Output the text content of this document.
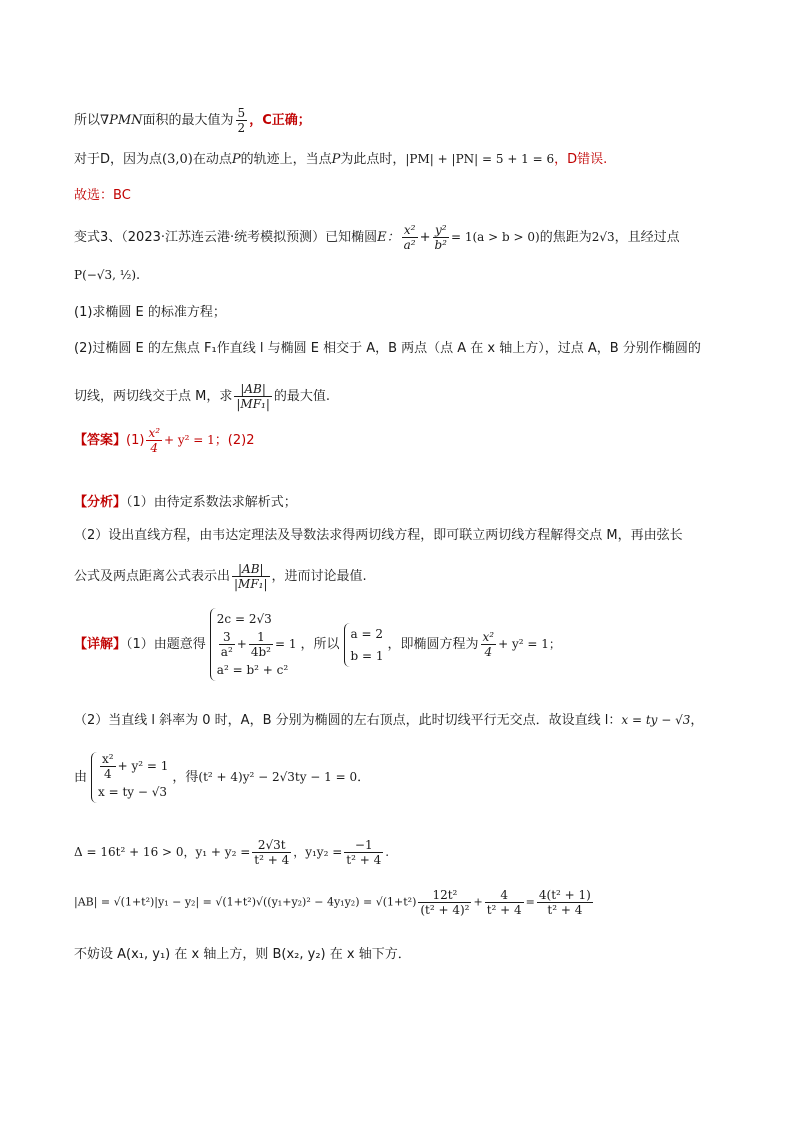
所以∇PMN面积的最大值为 $\frac{5}{2}$ ，C正确；
对于D，因为点(3,0)在动点P的轨迹上，当点P为此点时，|PM| + |PN| = 5 + 1 = 6，D错误.
故选：BC
变式3、（2023·江苏连云港·统考模拟预测）已知椭圆E： $\frac{\text{x²}}{\text{a²}} + \frac{\text{y²}}{\text{b²}} = 1(a > b > 0)$的焦距为2√3，且经过点
P(−√3, ½).
(1)求椭圆 E 的标准方程；
(2)过椭圆 E 的左焦点 F₁作直线 l 与椭圆 E 相交于 A，B 两点（点 A 在 x 轴上方），过点 A，B 分别作椭圆的
切线，两切线交于点 M，求 $\frac{|AB|}{\text{|MF₁|}}$ 的最大值.
【答案】$(1) \frac{\text{x²}}{4} + y^2 = 1$；(2)2
【分析】（1）由待定系数法求解析式；
（2）设出直线方程，由韦达定理法及导数法求得两切线方程，即可联立两切线方程解得交点 M，再由弦长
公式及两点距离公式表示出 $\frac{|AB|}{\text{|MF₁|}}$ ，进而讨论最值.
【详解】（1）由题意得
2c = 2√3
$\frac{3}{\text{a²}} + \frac{1}{\text{4b²}} = 1$
a² = b² + c²
，所以
a = 2
b = 1
，即椭圆方程为 $\frac{\text{x²}}{4} + y^2 = 1$；
（2）当直线 l 斜率为 0 时，A，B 分别为椭圆的左右顶点，此时切线平行无交点．故设直线 l：x = ty − √3，
由 $\frac{\text{x²}}{4} + y^2 = 1$
x = ty − √3
，得(t² + 4)y² − 2√3ty − 1 = 0．
Δ = 16t² + 16 > 0，$y_1 + y_2 = \frac{2√3t}{\text{t² + 4}}$ ，$y_1y_2 = \frac{-1}{\text{t² + 4}}$ .
$|AB| = √(1+t^2)|y_1 - y_2| = √(1+t^2)√((y_1+y_2)^2 - 4y_1y_2) = √(1+t^2) \frac{\text{12t²}}{\text{(t² + 4)²}} + \frac{4}{\text{t² + 4}} = \frac{\text{4(t² + 1)}}{\text{t² + 4}}$
不妨设 A(x₁, y₁) 在 x 轴上方，则 B(x₂, y₂) 在 x 轴下方．
